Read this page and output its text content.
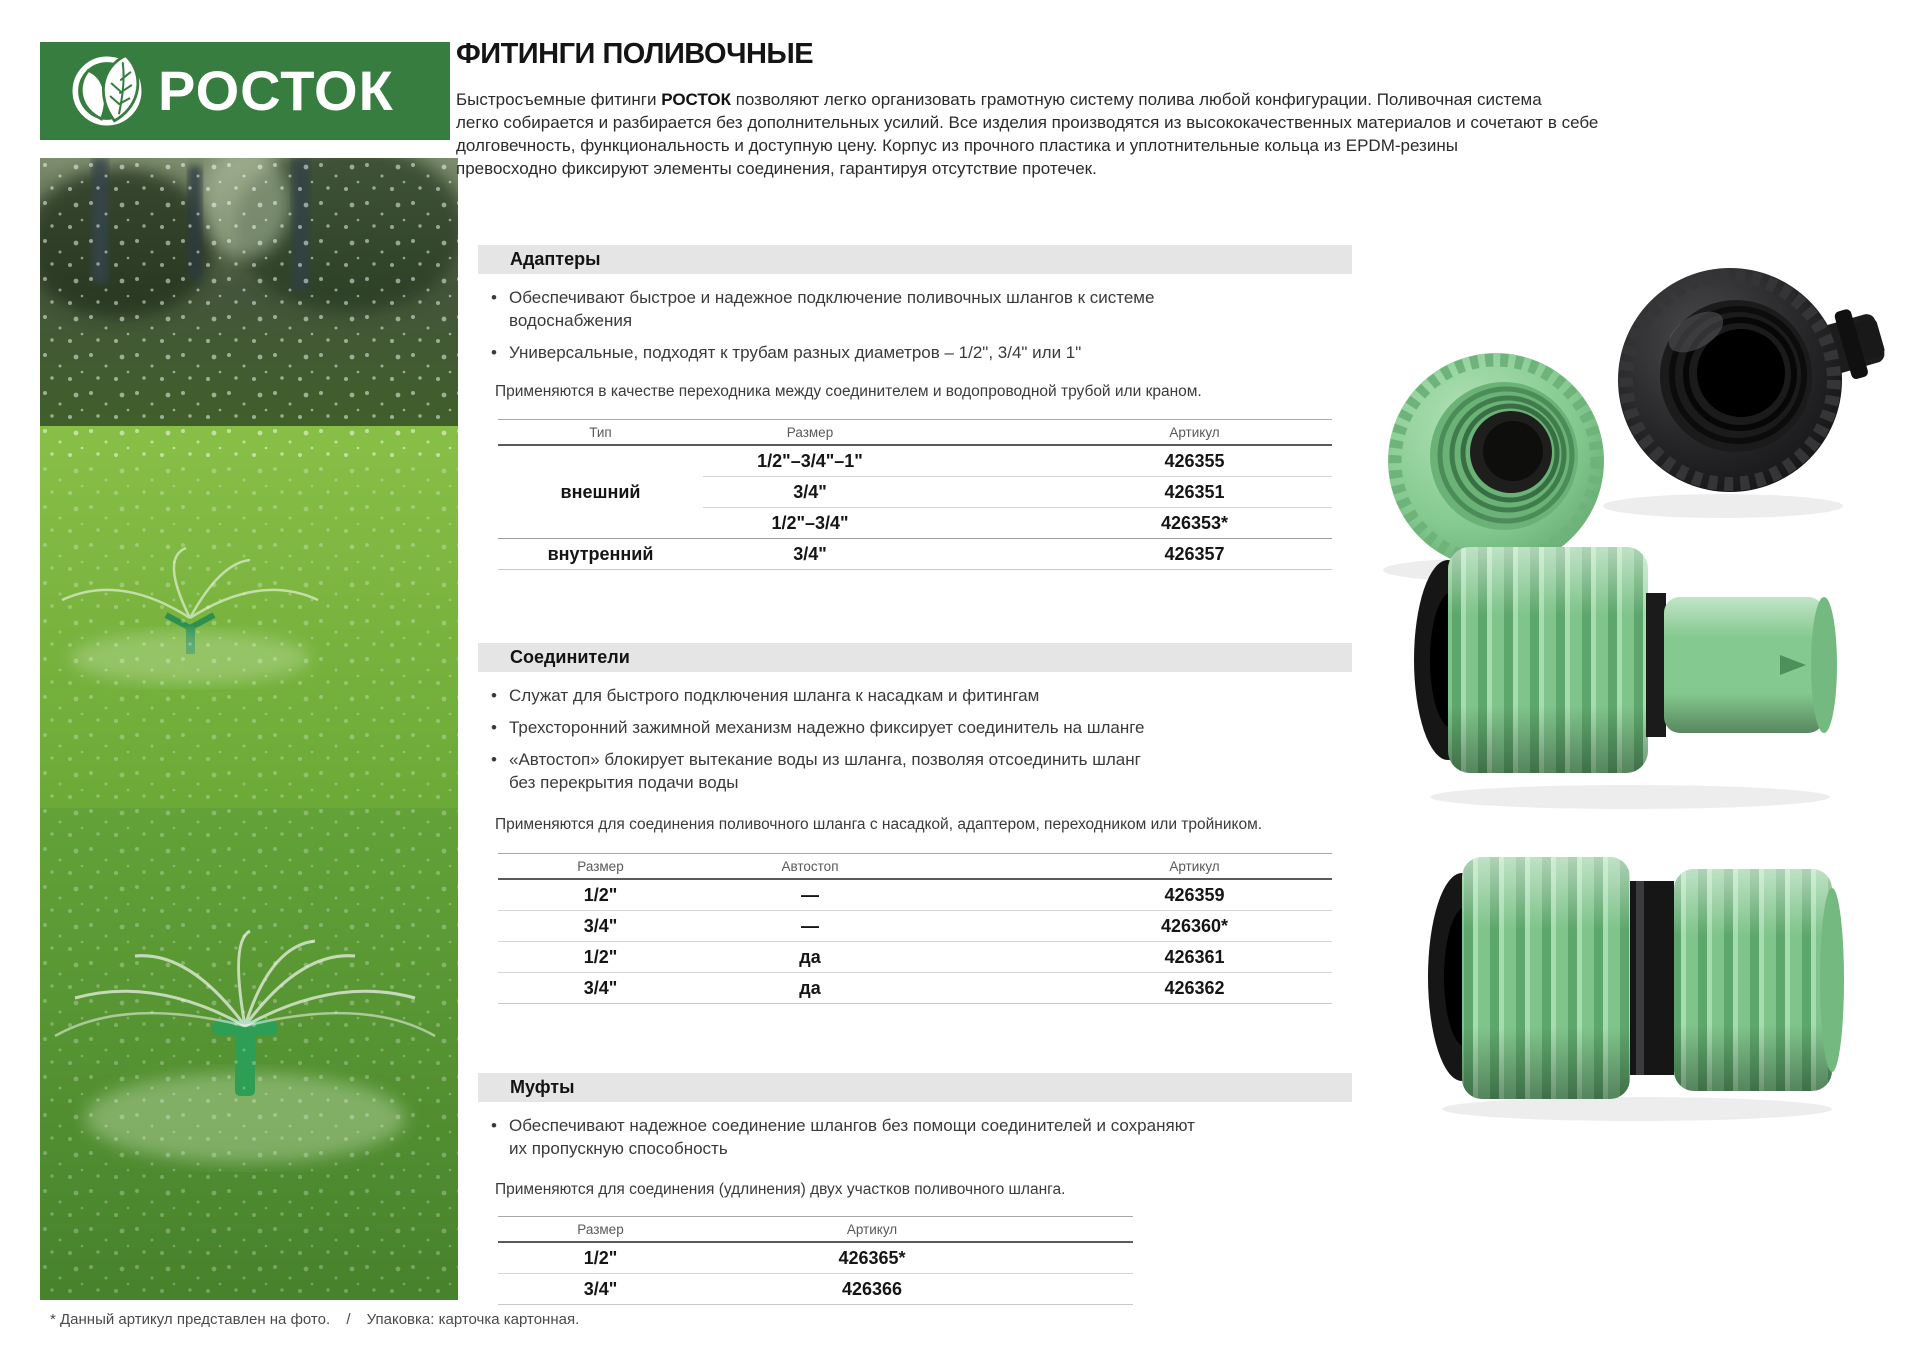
РОСТОК
ФИТИНГИ ПОЛИВОЧНЫЕ
Быстросъемные фитинги РОСТОК позволяют легко организовать грамотную систему полива любой конфигурации. Поливочная система
легко собирается и разбирается без дополнительных усилий. Все изделия производятся из высококачественных материалов и сочетают в себе
долговечность, функциональность и доступную цену. Корпус из прочного пластика и уплотнительные кольца из EPDM-резины
превосходно фиксируют элементы соединения, гарантируя отсутствие протечек.
Адаптеры
• Обеспечивают быстрое и надежное подключение поливочных шлангов к системе
водоснабжения
• Универсальные, подходят к трубам разных диаметров – 1/2", 3/4" или 1"
Применяются в качестве переходника между соединителем и водопроводной трубой или краном.
Тип	Размер	Артикул
внешний	1/2"–3/4"–1"	426355
	3/4"	426351
	1/2"–3/4"	426353*
внутренний	3/4"	426357
Соединители
• Служат для быстрого подключения шланга к насадкам и фитингам
• Трехсторонний зажимной механизм надежно фиксирует соединитель на шланге
• «Автостоп» блокирует вытекание воды из шланга, позволяя отсоединить шланг
без перекрытия подачи воды
Применяются для соединения поливочного шланга с насадкой, адаптером, переходником или тройником.
Размер	Автостоп	Артикул
1/2"	—	426359
3/4"	—	426360*
1/2"	да	426361
3/4"	да	426362
Муфты
• Обеспечивают надежное соединение шлангов без помощи соединителей и сохраняют
их пропускную способность
Применяются для соединения (удлинения) двух участков поливочного шланга.
Размер	Артикул
1/2"	426365*
3/4"	426366
* Данный артикул представлен на фото. / Упаковка: карточка картонная.
